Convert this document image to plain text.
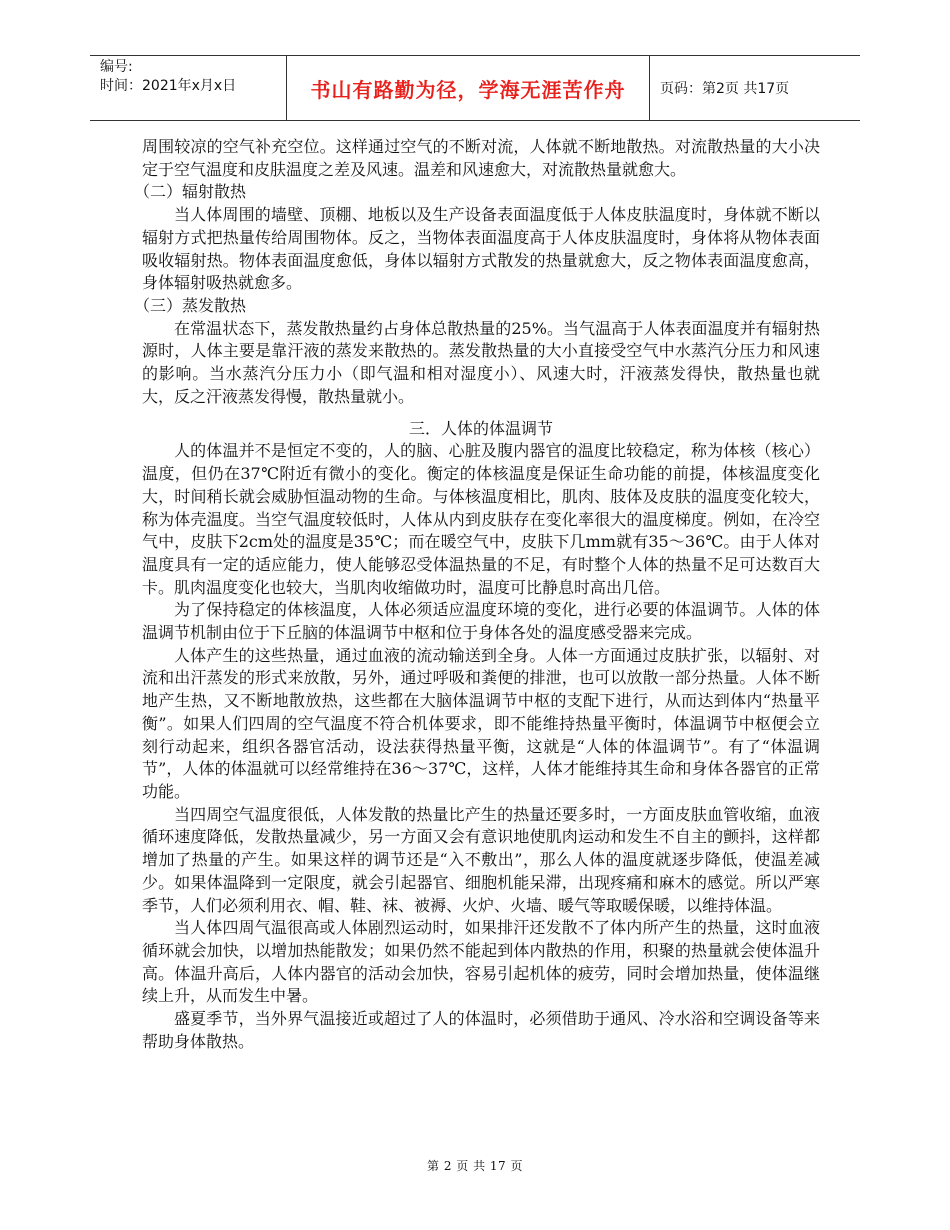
编号:
时间：2021年x月x日	书山有路勤为径，学海无涯苦作舟	页码：第2页 共17页

周围较凉的空气补充空位。这样通过空气的不断对流，人体就不断地散热。对流散热量的大小决定于空气温度和皮肤温度之差及风速。温差和风速愈大，对流散热量就愈大。

（二）辐射散热

当人体周围的墙壁、顶棚、地板以及生产设备表面温度低于人体皮肤温度时，身体就不断以辐射方式把热量传给周围物体。反之，当物体表面温度高于人体皮肤温度时，身体将从物体表面吸收辐射热。物体表面温度愈低，身体以辐射方式散发的热量就愈大，反之物体表面温度愈高，身体辐射吸热就愈多。

（三）蒸发散热

在常温状态下，蒸发散热量约占身体总散热量的25%。当气温高于人体表面温度并有辐射热源时，人体主要是靠汗液的蒸发来散热的。蒸发散热量的大小直接受空气中水蒸汽分压力和风速的影响。当水蒸汽分压力小（即气温和相对湿度小）、风速大时，汗液蒸发得快，散热量也就大，反之汗液蒸发得慢，散热量就小。

三．人体的体温调节

人的体温并不是恒定不变的，人的脑、心脏及腹内器官的温度比较稳定，称为体核（核心）温度，但仍在37℃附近有微小的变化。衡定的体核温度是保证生命功能的前提，体核温度变化大，时间稍长就会威胁恒温动物的生命。与体核温度相比，肌肉、肢体及皮肤的温度变化较大，称为体壳温度。当空气温度较低时，人体从内到皮肤存在变化率很大的温度梯度。例如，在冷空气中，皮肤下2cm处的温度是35℃；而在暖空气中，皮肤下几mm就有35～36℃。由于人体对温度具有一定的适应能力，使人能够忍受体温热量的不足，有时整个人体的热量不足可达数百大卡。肌肉温度变化也较大，当肌肉收缩做功时，温度可比静息时高出几倍。

为了保持稳定的体核温度，人体必须适应温度环境的变化，进行必要的体温调节。人体的体温调节机制由位于下丘脑的体温调节中枢和位于身体各处的温度感受器来完成。

人体产生的这些热量，通过血液的流动输送到全身。人体一方面通过皮肤扩张，以辐射、对流和出汗蒸发的形式来放散，另外，通过呼吸和粪便的排泄，也可以放散一部分热量。人体不断地产生热，又不断地散放热，这些都在大脑体温调节中枢的支配下进行，从而达到体内“热量平衡”。如果人们四周的空气温度不符合机体要求，即不能维持热量平衡时，体温调节中枢便会立刻行动起来，组织各器官活动，设法获得热量平衡，这就是“人体的体温调节”。有了“体温调节”，人体的体温就可以经常维持在36～37℃，这样，人体才能维持其生命和身体各器官的正常功能。

当四周空气温度很低，人体发散的热量比产生的热量还要多时，一方面皮肤血管收缩，血液循环速度降低，发散热量减少，另一方面又会有意识地使肌肉运动和发生不自主的颤抖，这样都增加了热量的产生。如果这样的调节还是“入不敷出”，那么人体的温度就逐步降低，使温差减少。如果体温降到一定限度，就会引起器官、细胞机能呆滞，出现疼痛和麻木的感觉。所以严寒季节，人们必须利用衣、帽、鞋、袜、被褥、火炉、火墙、暖气等取暖保暖，以维持体温。

当人体四周气温很高或人体剧烈运动时，如果排汗还发散不了体内所产生的热量，这时血液循环就会加快，以增加热能散发；如果仍然不能起到体内散热的作用，积聚的热量就会使体温升高。体温升高后，人体内器官的活动会加快，容易引起机体的疲劳，同时会增加热量，使体温继续上升，从而发生中暑。

盛夏季节，当外界气温接近或超过了人的体温时，必须借助于通风、冷水浴和空调设备等来帮助身体散热。

第 2 页 共 17 页
